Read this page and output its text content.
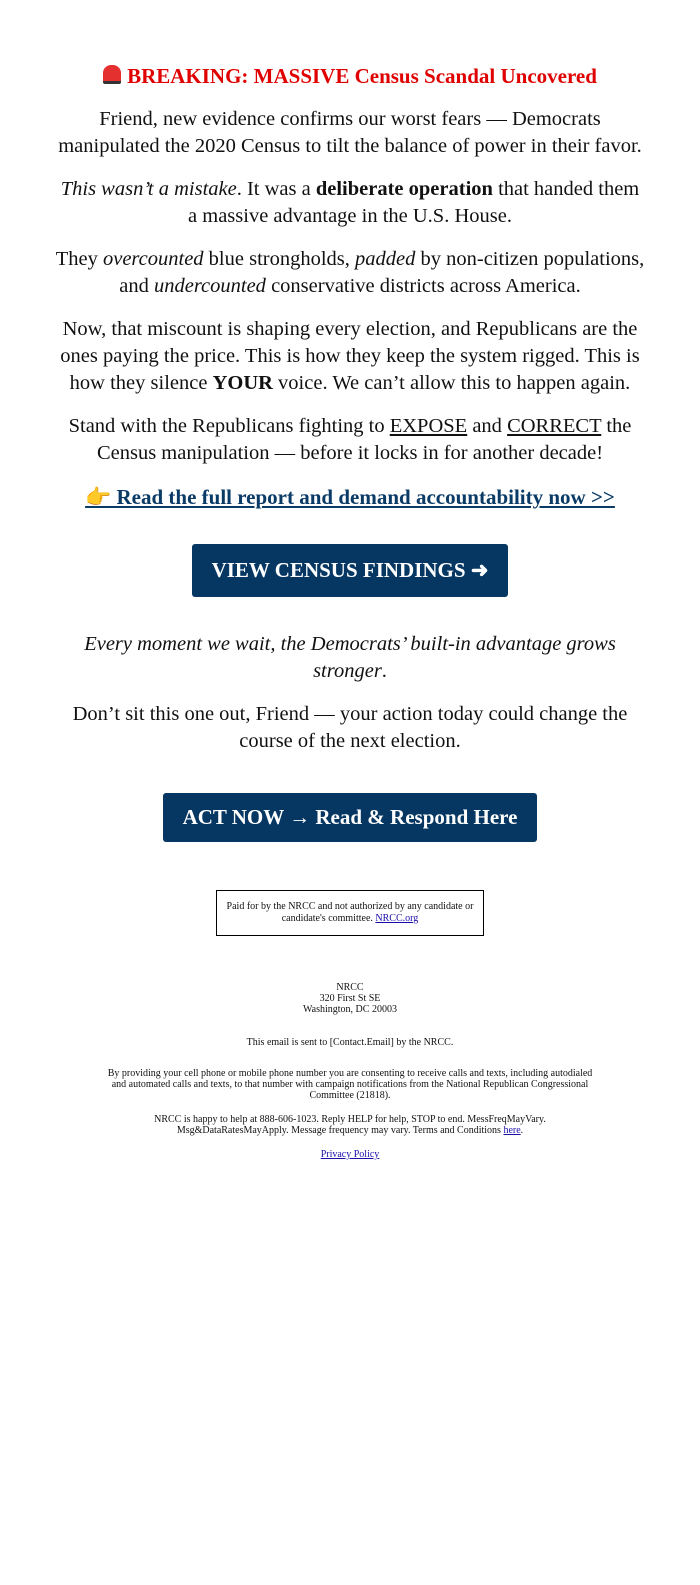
BREAKING: MASSIVE Census Scandal Uncovered

Friend, new evidence confirms our worst fears — Democrats manipulated the 2020 Census to tilt the balance of power in their favor.

This wasn’t a mistake. It was a deliberate operation that handed them a massive advantage in the U.S. House.

They overcounted blue strongholds, padded by non-citizen populations, and undercounted conservative districts across America.

Now, that miscount is shaping every election, and Republicans are the ones paying the price. This is how they keep the system rigged. This is how they silence YOUR voice. We can’t allow this to happen again.

Stand with the Republicans fighting to EXPOSE and CORRECT the Census manipulation — before it locks in for another decade!

👉 Read the full report and demand accountability now >>
VIEW CENSUS FINDINGS ➜

Every moment we wait, the Democrats’ built-in advantage grows stronger.

Don’t sit this one out, Friend — your action today could change the course of the next election.

ACT NOW → Read & Respond Here
Paid for by the NRCC and not authorized by any candidate or candidate's committee. NRCC.org
NRCC
320 First St SE
Washington, DC 20003
This email is sent to [Contact.Email] by the NRCC.
By providing your cell phone or mobile phone number you are consenting to receive calls and texts, including autodialed and automated calls and texts, to that number with campaign notifications from the National Republican Congressional Committee (21818).
NRCC is happy to help at 888-606-1023. Reply HELP for help, STOP to end. MessFreqMayVary. Msg&DataRatesMayApply. Message frequency may vary. Terms and Conditions here.
Privacy Policy
